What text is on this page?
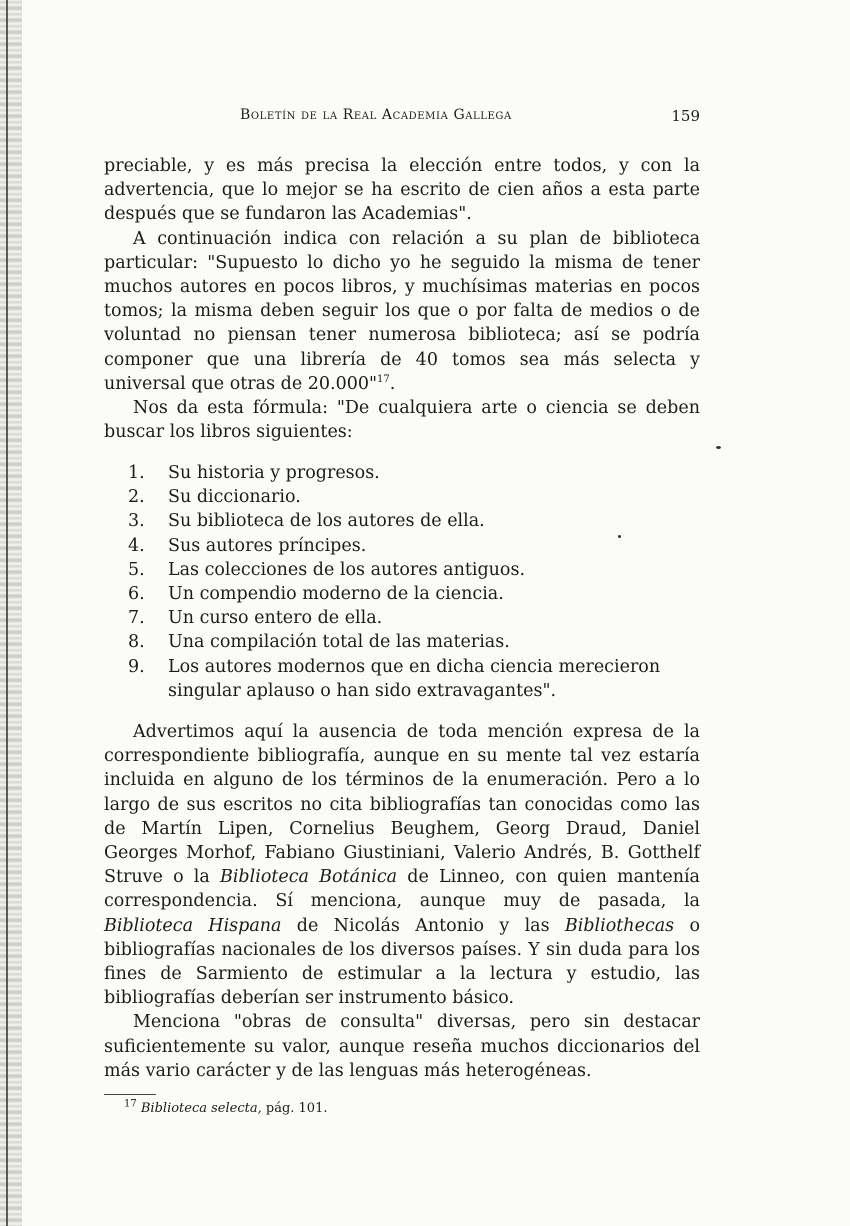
Boletín de la Real Academia Gallega	159

preciable, y es más precisa la elección entre todos, y con la advertencia, que lo mejor se ha escrito de cien años a esta parte después que se fundaron las Academias".

A continuación indica con relación a su plan de biblioteca particular: "Supuesto lo dicho yo he seguido la misma de tener muchos autores en pocos libros, y muchísimas materias en pocos tomos; la misma deben seguir los que o por falta de medios o de voluntad no piensan tener numerosa biblioteca; así se podría componer que una librería de 40 tomos sea más selecta y universal que otras de 20.000"$^{17}$.

Nos da esta fórmula: "De cualquiera arte o ciencia se deben buscar los libros siguientes:

1.	Su historia y progresos.
2.	Su diccionario.
3.	Su biblioteca de los autores de ella.
4.	Sus autores príncipes.
5.	Las colecciones de los autores antiguos.
6.	Un compendio moderno de la ciencia.
7.	Un curso entero de ella.
8.	Una compilación total de las materias.
9.	Los autores modernos que en dicha ciencia merecieron singular aplauso o han sido extravagantes".

Advertimos aquí la ausencia de toda mención expresa de la correspondiente bibliografía, aunque en su mente tal vez estaría incluida en alguno de los términos de la enumeración. Pero a lo largo de sus escritos no cita bibliografías tan conocidas como las de Martín Lipen, Cornelius Beughem, Georg Draud, Daniel Georges Morhof, Fabiano Giustiniani, Valerio Andrés, B. Gotthelf Struve o la Biblioteca Botánica de Linneo, con quien mantenía correspondencia. Sí menciona, aunque muy de pasada, la Biblioteca Hispana de Nicolás Antonio y las Bibliothecas o bibliografías nacionales de los diversos países. Y sin duda para los fines de Sarmiento de estimular a la lectura y estudio, las bibliografías deberían ser instrumento básico.

Menciona "obras de consulta" diversas, pero sin destacar suficientemente su valor, aunque reseña muchos diccionarios del más vario carácter y de las lenguas más heterogéneas.

$^{17}$ Biblioteca selecta, pág. 101.
